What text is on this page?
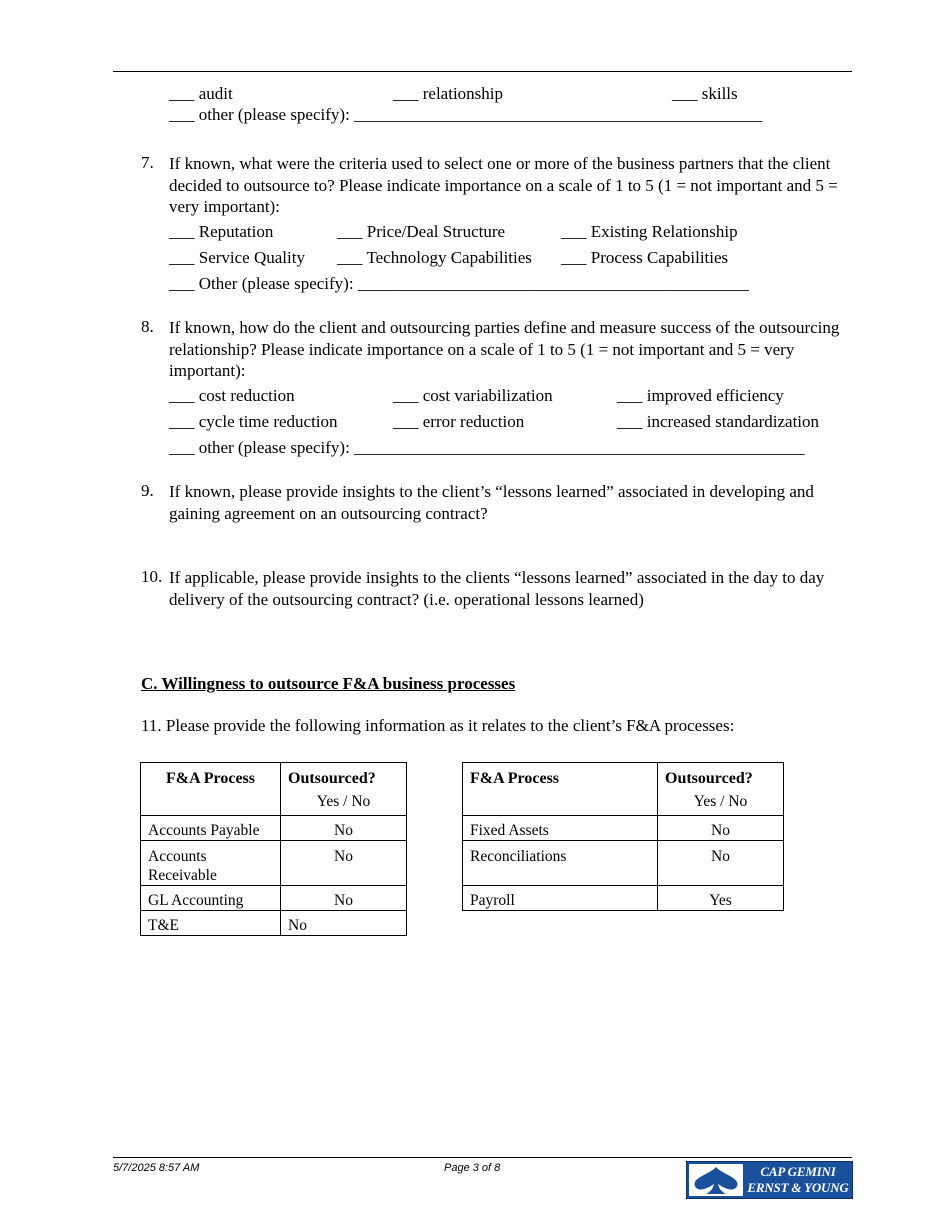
___ audit	___ relationship	___ skills
___ other (please specify): ________________________________________________
7. If known, what were the criteria used to select one or more of the business partners that the client decided to outsource to? Please indicate importance on a scale of 1 to 5 (1 = not important and 5 = very important):
___ Reputation	___ Price/Deal Structure	___ Existing Relationship
___ Service Quality ___ Technology Capabilities ___ Process Capabilities
___ Other (please specify): ______________________________________________
8. If known, how do the client and outsourcing parties define and measure success of the outsourcing relationship? Please indicate importance on a scale of 1 to 5 (1 = not important and 5 = very important):
___ cost reduction	___ cost variabilization	___ improved efficiency
___ cycle time reduction	___ error reduction	___ increased standardization
___ other (please specify): _____________________________________________________
9. If known, please provide insights to the client’s “lessons learned” associated in developing and gaining agreement on an outsourcing contract?
10. If applicable, please provide insights to the clients “lessons learned” associated in the day to day delivery of the outsourcing contract? (i.e. operational lessons learned)
C. Willingness to outsource F&A business processes
11. Please provide the following information as it relates to the client’s F&A processes:
F&A Process	Outsourced?
Yes / No

Accounts Payable	No
Accounts Receivable	No
GL Accounting	No
T&E	No
F&A Process	Outsourced?
Yes / No

Fixed Assets	No
Reconciliations	No
Payroll	Yes
5/7/2025 8:57 AM	Page 3 of 8	CAP GEMINI
ERNST & YOUNG
